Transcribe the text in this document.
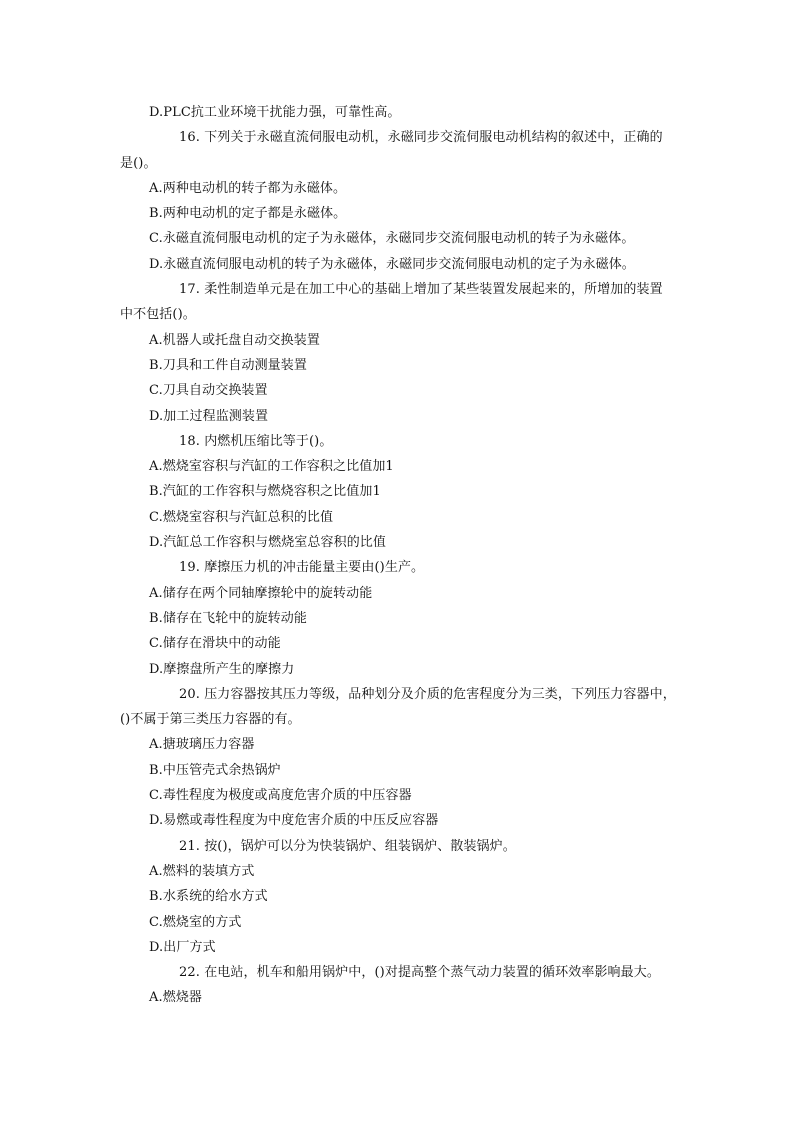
D.PLC抗工业环境干扰能力强，可靠性高。
16. 下列关于永磁直流伺服电动机，永磁同步交流伺服电动机结构的叙述中，正确的
是()。
A.两种电动机的转子都为永磁体。
B.两种电动机的定子都是永磁体。
C.永磁直流伺服电动机的定子为永磁体，永磁同步交流伺服电动机的转子为永磁体。
D.永磁直流伺服电动机的转子为永磁体，永磁同步交流伺服电动机的定子为永磁体。
17. 柔性制造单元是在加工中心的基础上增加了某些装置发展起来的，所增加的装置
中不包括()。
A.机器人或托盘自动交换装置
B.刀具和工件自动测量装置
C.刀具自动交换装置
D.加工过程监测装置
18. 内燃机压缩比等于()。
A.燃烧室容积与汽缸的工作容积之比值加1
B.汽缸的工作容积与燃烧容积之比值加1
C.燃烧室容积与汽缸总积的比值
D.汽缸总工作容积与燃烧室总容积的比值
19. 摩擦压力机的冲击能量主要由()生产。
A.储存在两个同轴摩擦轮中的旋转动能
B.储存在飞轮中的旋转动能
C.储存在滑块中的动能
D.摩擦盘所产生的摩擦力
20. 压力容器按其压力等级，品种划分及介质的危害程度分为三类，下列压力容器中，
()不属于第三类压力容器的有。
A.搪玻璃压力容器
B.中压管壳式余热锅炉
C.毒性程度为极度或高度危害介质的中压容器
D.易燃或毒性程度为中度危害介质的中压反应容器
21. 按()，锅炉可以分为快装锅炉、组装锅炉、散装锅炉。
A.燃料的装填方式
B.水系统的给水方式
C.燃烧室的方式
D.出厂方式
22. 在电站，机车和船用锅炉中，()对提高整个蒸气动力装置的循环效率影响最大。
A.燃烧器
